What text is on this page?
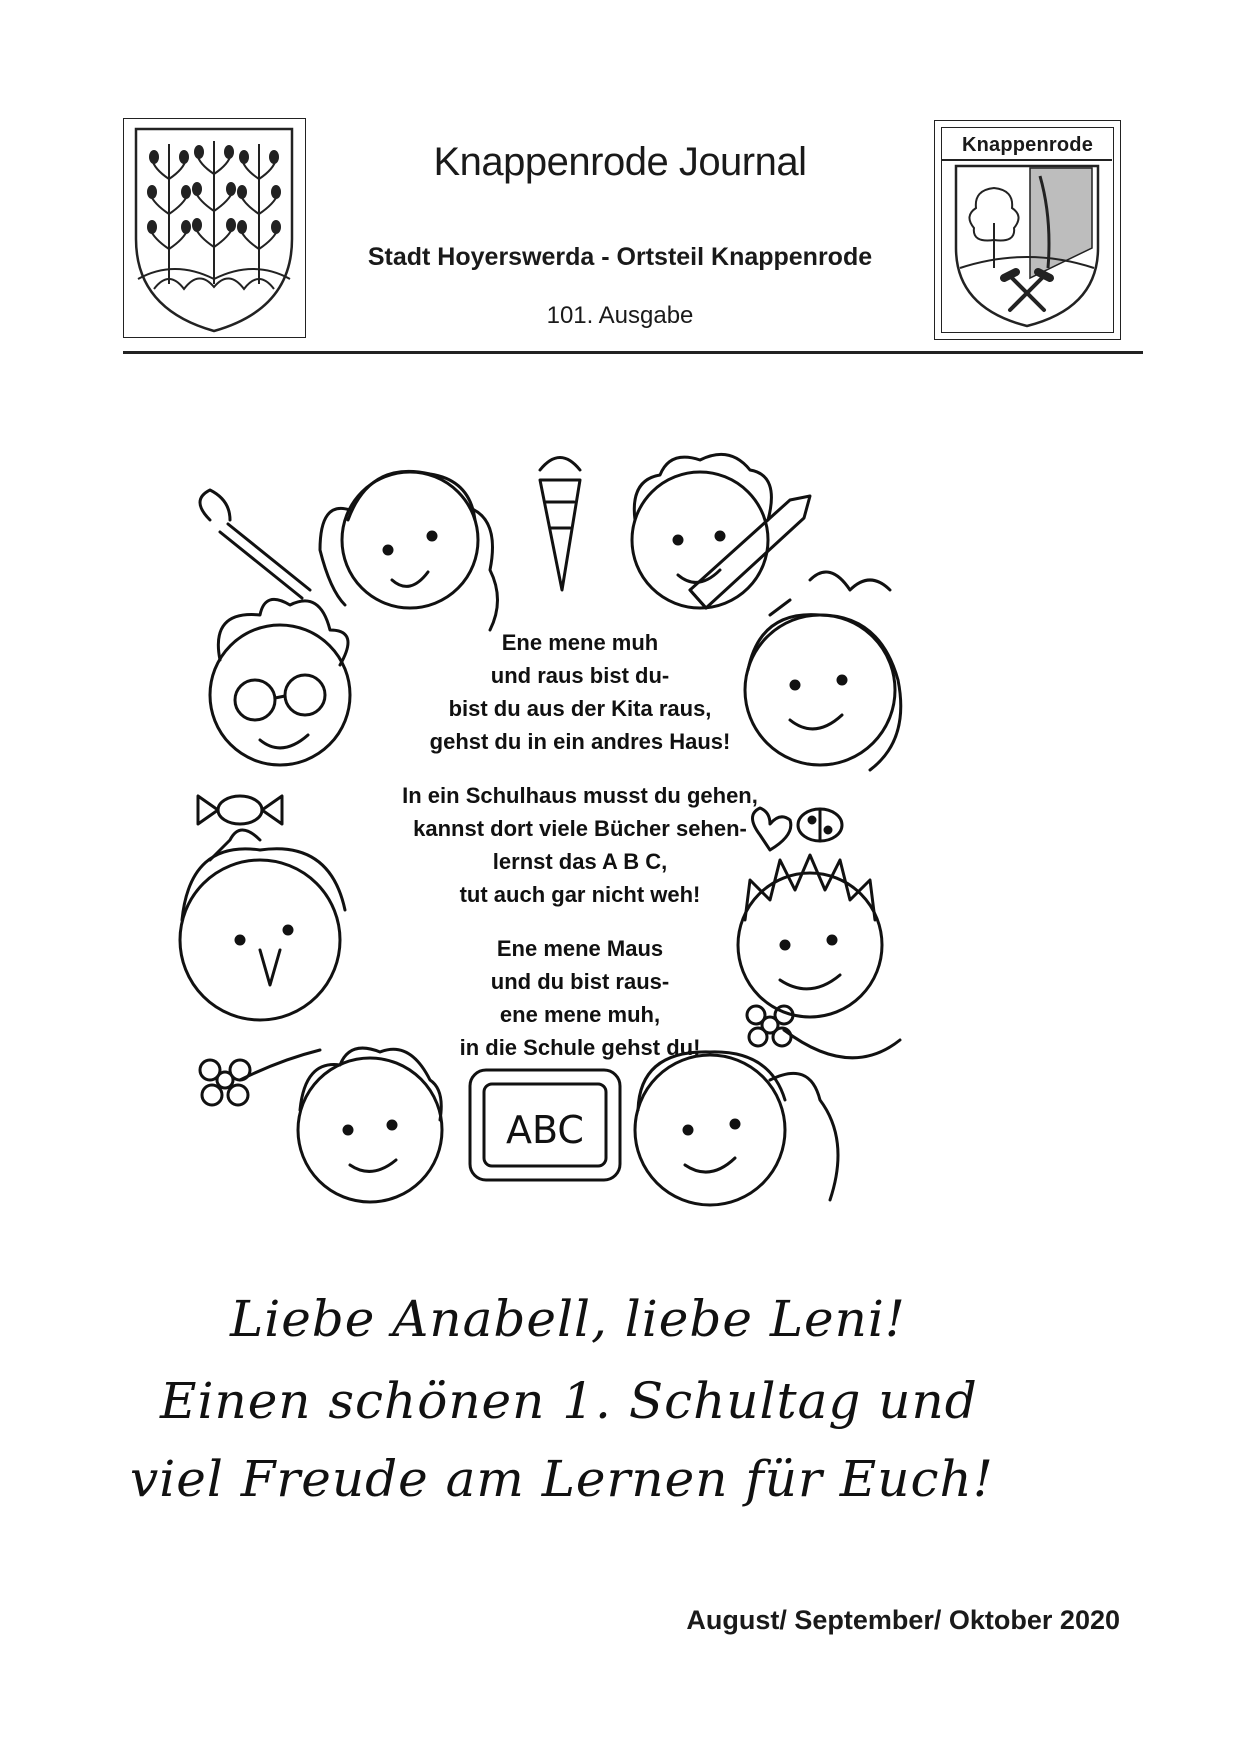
Knappenrode Journal
Stadt Hoyerswerda - Ortsteil Knappenrode
101. Ausgabe
Knappenrode
ABC
Ene mene muh
und raus bist du-
bist du aus der Kita raus,
gehst du in ein andres Haus!
In ein Schulhaus musst du gehen,
kannst dort viele Bücher sehen-
lernst das A B C,
tut auch gar nicht weh!
Ene mene Maus
und du bist raus-
ene mene muh,
in die Schule gehst du!
Liebe Anabell, liebe Leni!
Einen schönen 1. Schultag und
viel Freude am Lernen für Euch!
August/ September/ Oktober 2020
